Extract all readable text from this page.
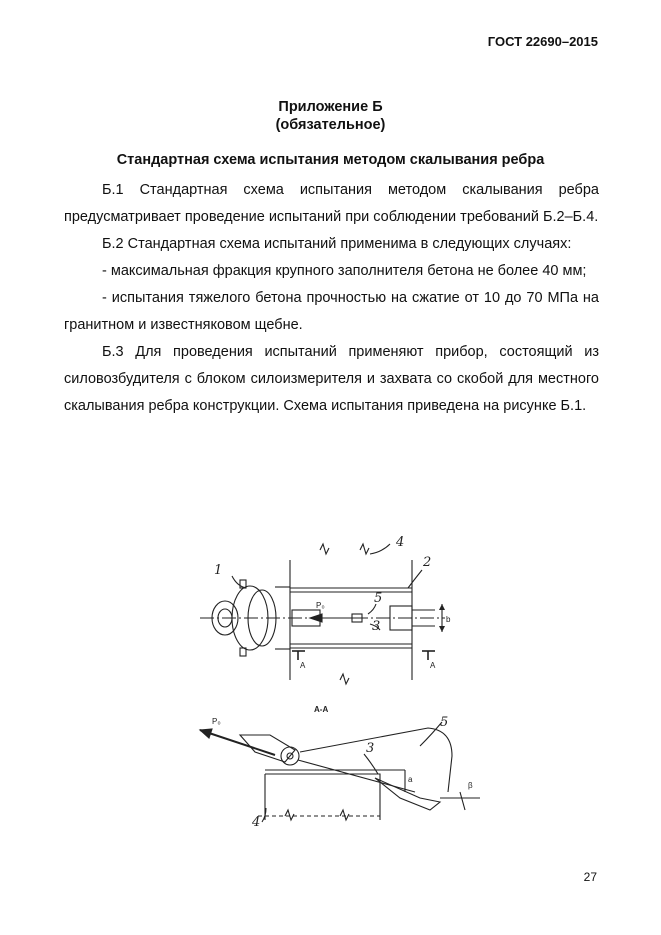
ГОСТ 22690–2015
Приложение Б
(обязательное)
Стандартная схема испытания методом скалывания ребра

Б.1 Стандартная схема испытания методом скалывания ребра предусматривает проведение испытаний при соблюдении требований Б.2–Б.4.

Б.2 Стандартная схема испытаний применима в следующих случаях:

- максимальная фракция крупного заполнителя бетона не более 40 мм;

- испытания тяжелого бетона прочностью на сжатие от 10 до 70 МПа на гранитном и известняковом щебне.

Б.3 Для проведения испытаний применяют прибор, состоящий из силовозбудителя с блоком силоизмерителя и захвата со скобой для местного скалывания ребра конструкции. Схема испытания приведена на рисунке Б.1.

1
2
3
4
5
3
4
5
P₀
P₀
A	A
b
a
β
А-А
27
